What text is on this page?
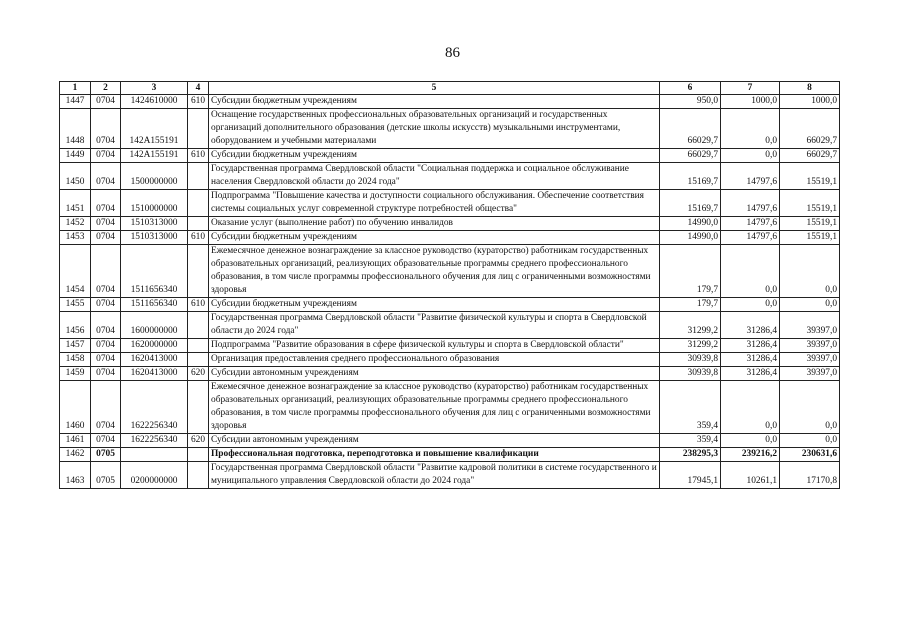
86
1	2	3	4	5	6	7	8
1447	0704	1424610000	610	Субсидии бюджетным учреждениям	950,0	1000,0	1000,0
1448	0704	142А155191		Оснащение государственных профессиональных образовательных организаций и государственных организаций дополнительного образования (детские школы искусств) музыкальными инструментами, оборудованием и учебными материалами	66029,7	0,0	66029,7
1449	0704	142А155191	610	Субсидии бюджетным учреждениям	66029,7	0,0	66029,7
1450	0704	1500000000		Государственная программа Свердловской области "Социальная поддержка и социальное обслуживание населения Свердловской области до 2024 года"	15169,7	14797,6	15519,1
1451	0704	1510000000		Подпрограмма "Повышение качества и доступности социального обслуживания. Обеспечение соответствия системы социальных услуг современной структуре потребностей общества"	15169,7	14797,6	15519,1
1452	0704	1510313000		Оказание услуг (выполнение работ) по обучению инвалидов	14990,0	14797,6	15519,1
1453	0704	1510313000	610	Субсидии бюджетным учреждениям	14990,0	14797,6	15519,1
1454	0704	1511656340		Ежемесячное денежное вознаграждение за классное руководство (кураторство) работникам государственных образовательных организаций, реализующих образовательные программы среднего профессионального образования, в том числе программы профессионального обучения для лиц с ограниченными возможностями здоровья	179,7	0,0	0,0
1455	0704	1511656340	610	Субсидии бюджетным учреждениям	179,7	0,0	0,0
1456	0704	1600000000		Государственная программа Свердловской области "Развитие физической культуры и спорта в Свердловской области до 2024 года"	31299,2	31286,4	39397,0
1457	0704	1620000000		Подпрограмма "Развитие образования в сфере физической культуры и спорта в Свердловской области"	31299,2	31286,4	39397,0
1458	0704	1620413000		Организация предоставления среднего профессионального образования	30939,8	31286,4	39397,0
1459	0704	1620413000	620	Субсидии автономным учреждениям	30939,8	31286,4	39397,0
1460	0704	1622256340		Ежемесячное денежное вознаграждение за классное руководство (кураторство) работникам государственных образовательных организаций, реализующих образовательные программы среднего профессионального образования, в том числе программы профессионального обучения для лиц с ограниченными возможностями здоровья	359,4	0,0	0,0
1461	0704	1622256340	620	Субсидии автономным учреждениям	359,4	0,0	0,0
1462	0705			Профессиональная подготовка, переподготовка и повышение квалификации	238295,3	239216,2	230631,6
1463	0705	0200000000		Государственная программа Свердловской области "Развитие кадровой политики в системе государственного и муниципального управления Свердловской области до 2024 года"	17945,1	10261,1	17170,8
